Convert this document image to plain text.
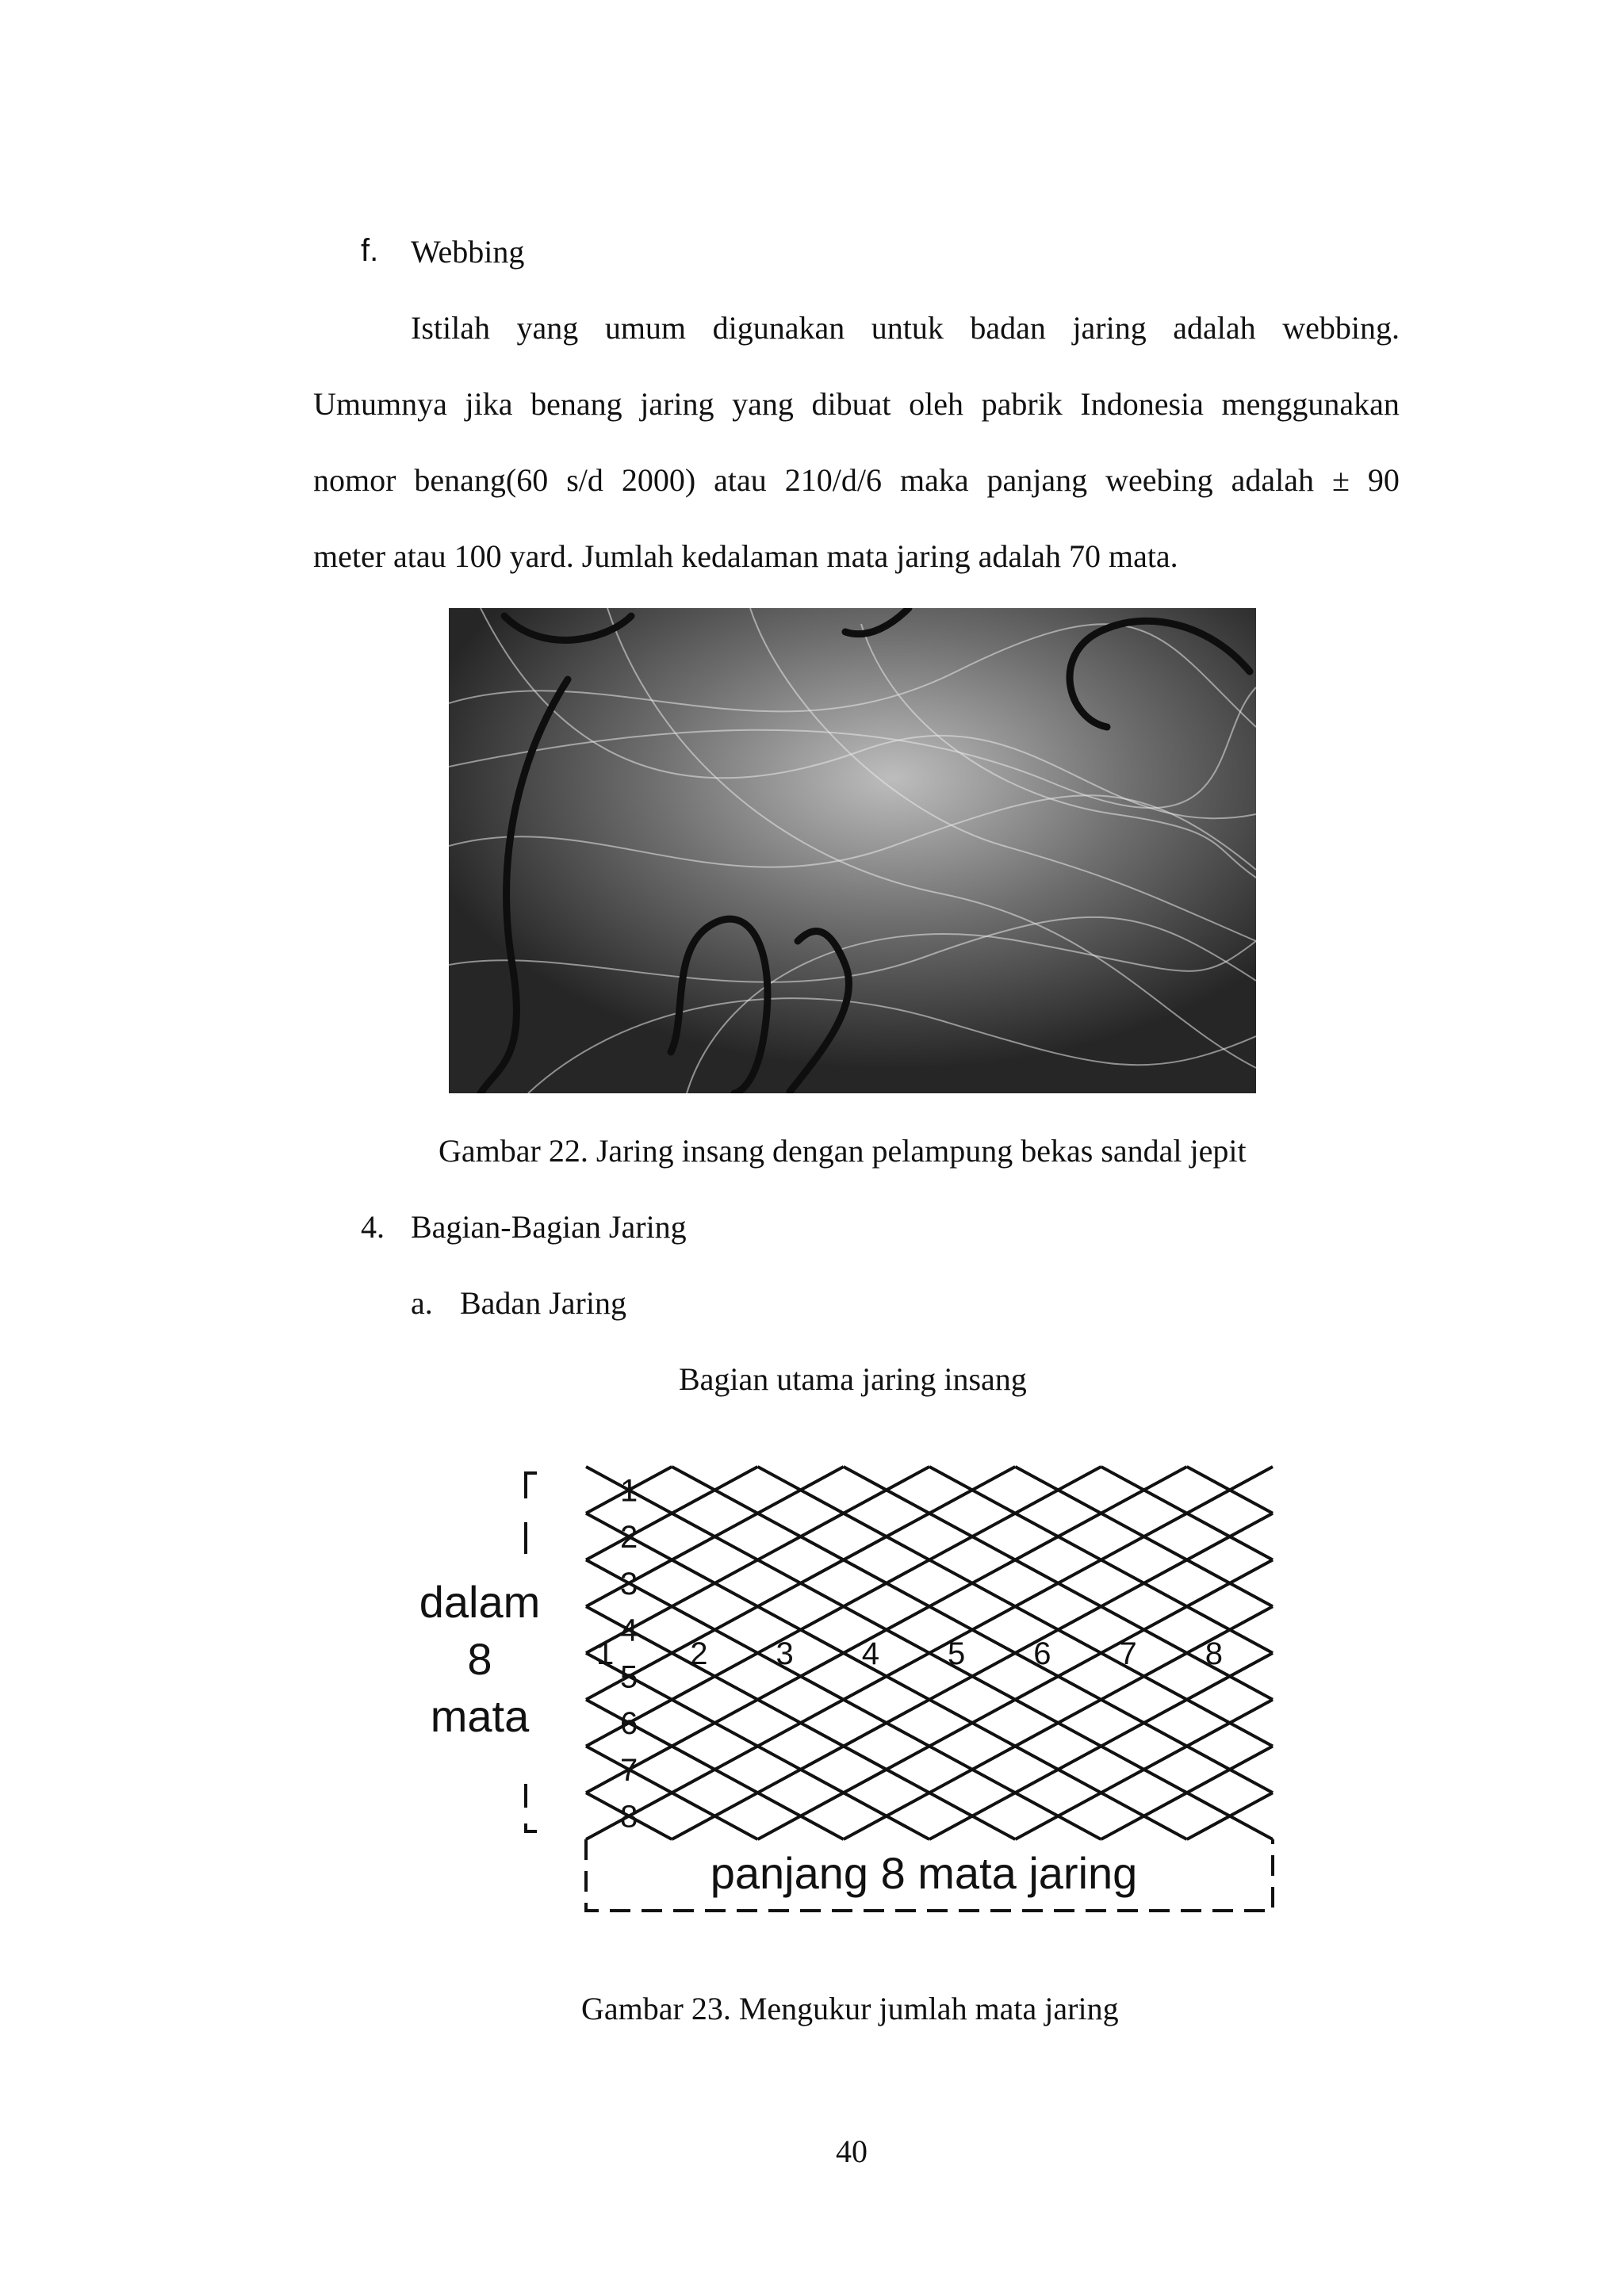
f. Webbing
Istilah yang umum digunakan untuk badan jaring adalah webbing.
Umumnya jika benang jaring yang dibuat oleh pabrik Indonesia menggunakan
nomor benang(60 s/d 2000) atau 210/d/6 maka panjang weebing adalah ± 90
meter atau 100 yard. Jumlah kedalaman mata jaring adalah 70 mata.
Gambar 22. Jaring insang dengan pelampung bekas sandal jepit
4. Bagian-Bagian Jaring
a. Badan Jaring
Bagian utama jaring insang
dalam
8
mata
1
2
3
4
5
6
7
8
1 2 3 4 5 6 7 8
panjang 8 mata jaring
Gambar 23. Mengukur jumlah mata jaring
40
